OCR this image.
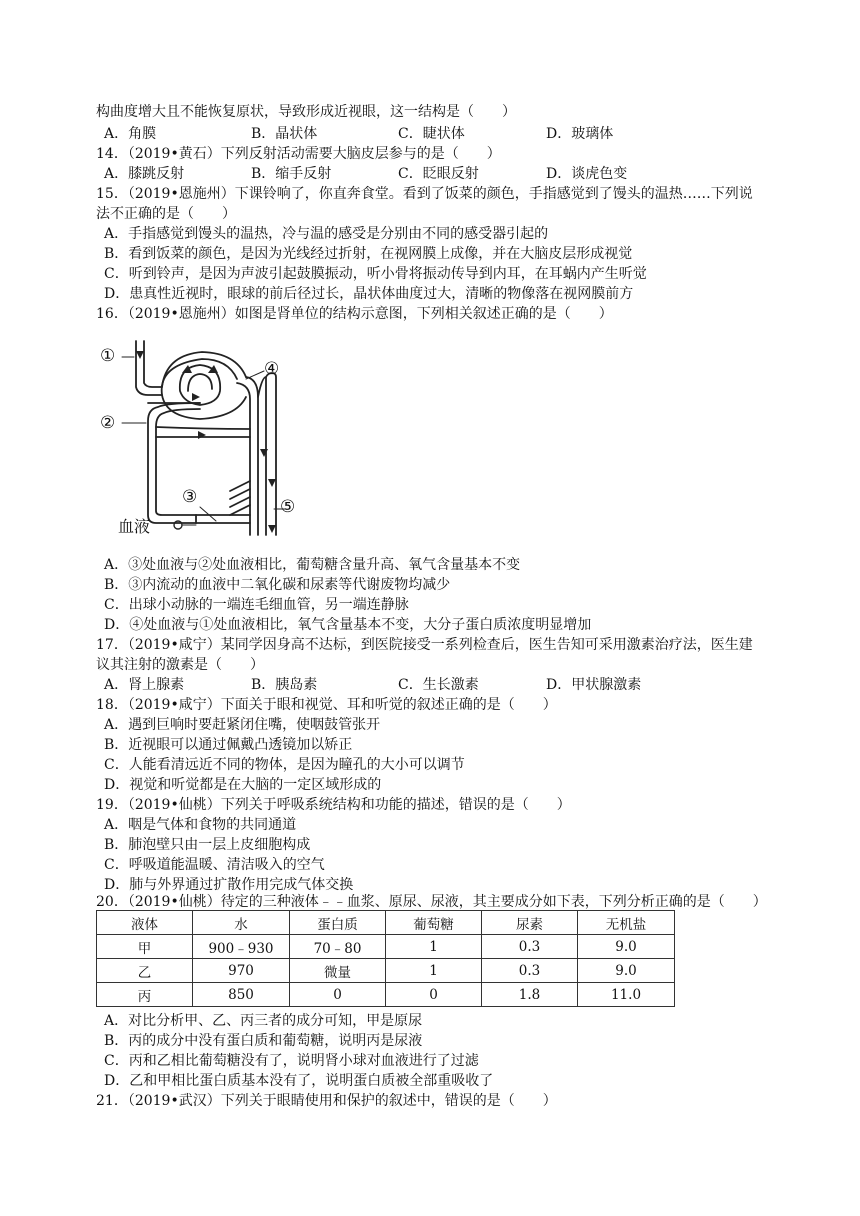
构曲度增大且不能恢复原状，导致形成近视眼，这一结构是（　　）
A．角膜	B．晶状体	C．睫状体	D．玻璃体
14．（2019•黄石）下列反射活动需要大脑皮层参与的是（　　）
A．膝跳反射	B．缩手反射	C．眨眼反射	D．谈虎色变
15．（2019•恩施州）下课铃响了，你直奔食堂。看到了饭菜的颜色，手指感觉到了馒头的温热……下列说
法不正确的是（　　）
A．手指感觉到馒头的温热，冷与温的感受是分别由不同的感受器引起的
B．看到饭菜的颜色，是因为光线经过折射，在视网膜上成像，并在大脑皮层形成视觉
C．听到铃声，是因为声波引起鼓膜振动，听小骨将振动传导到内耳，在耳蜗内产生听觉
D．患真性近视时，眼球的前后径过长，晶状体曲度过大，清晰的物像落在视网膜前方
16．（2019•恩施州）如图是肾单位的结构示意图，下列相关叙述正确的是（　　）
①
②
③
④
⑤
血液
A．③处血液与②处血液相比，葡萄糖含量升高、氧气含量基本不变
B．③内流动的血液中二氧化碳和尿素等代谢废物均减少
C．出球小动脉的一端连毛细血管，另一端连静脉
D．④处血液与①处血液相比，氧气含量基本不变，大分子蛋白质浓度明显增加
17．（2019•咸宁）某同学因身高不达标，到医院接受一系列检查后，医生告知可采用激素治疗法，医生建
议其注射的激素是（　　）
A．肾上腺素	B．胰岛素	C．生长激素	D．甲状腺激素
18．（2019•咸宁）下面关于眼和视觉、耳和听觉的叙述正确的是（　　）
A．遇到巨响时要赶紧闭住嘴，使咽鼓管张开
B．近视眼可以通过佩戴凸透镜加以矫正
C．人能看清远近不同的物体，是因为瞳孔的大小可以调节
D．视觉和听觉都是在大脑的一定区域形成的
19．（2019•仙桃）下列关于呼吸系统结构和功能的描述，错误的是（　　）
A．咽是气体和食物的共同通道
B．肺泡壁只由一层上皮细胞构成
C．呼吸道能温暖、清洁吸入的空气
D．肺与外界通过扩散作用完成气体交换
20．（2019•仙桃）待定的三种液体﹣﹣血浆、原尿、尿液，其主要成分如下表，下列分析正确的是（　　）
液体	水	蛋白质	葡萄糖	尿素	无机盐
甲	900﹣930	70﹣80	1	0.3	9.0
乙	970	微量	1	0.3	9.0
丙	850	0	0	1.8	11.0
A．对比分析甲、乙、丙三者的成分可知，甲是原尿
B．丙的成分中没有蛋白质和葡萄糖，说明丙是尿液
C．丙和乙相比葡萄糖没有了，说明肾小球对血液进行了过滤
D．乙和甲相比蛋白质基本没有了，说明蛋白质被全部重吸收了
21．（2019•武汉）下列关于眼睛使用和保护的叙述中，错误的是（　　）
